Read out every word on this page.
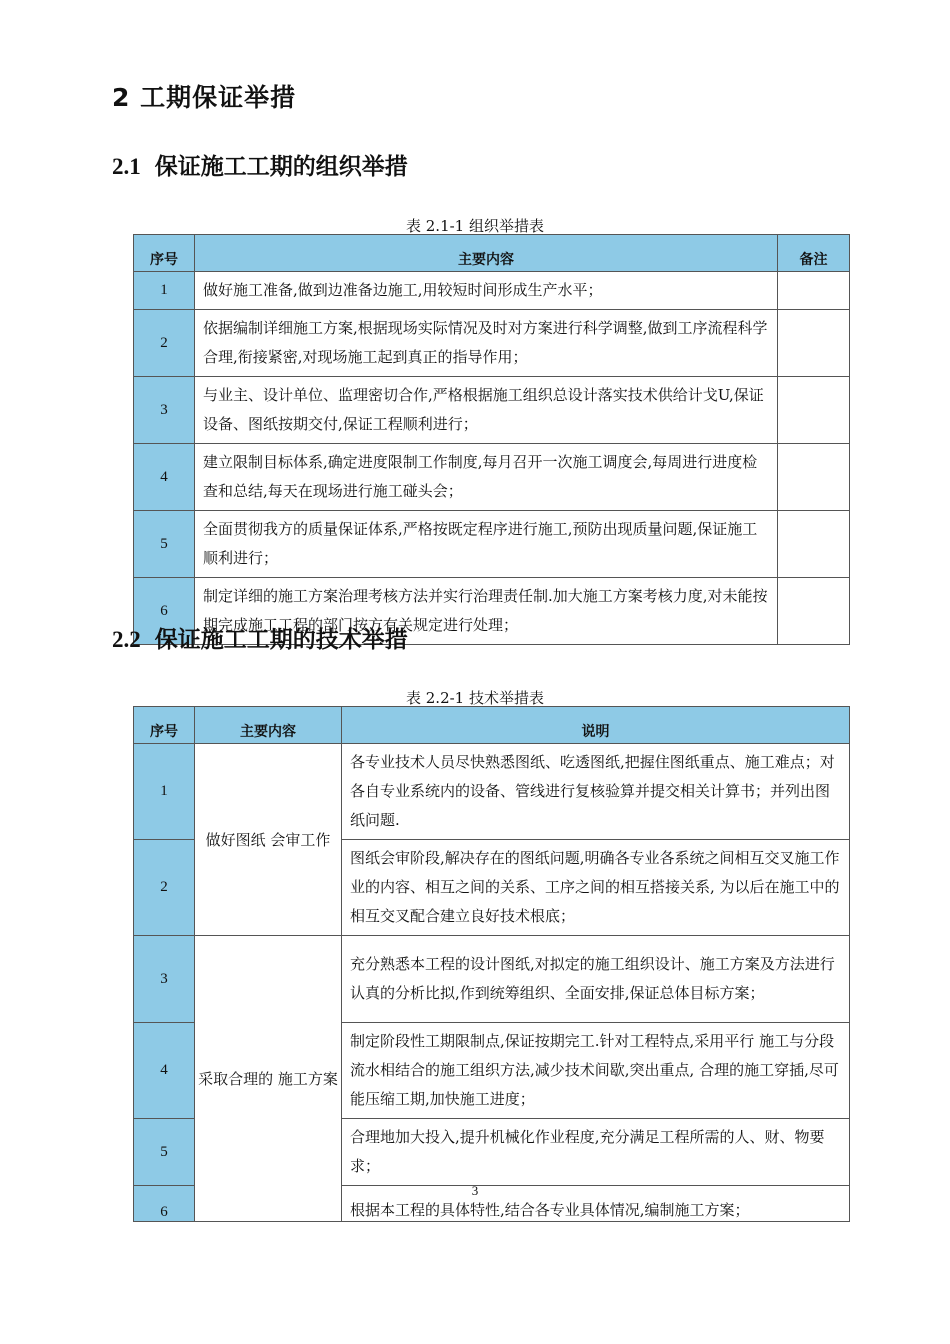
2 工期保证举措
2.1 保证施工工期的组织举措
表 2.1-1 组织举措表
序号	主要内容	备注
1	做好施工准备,做到边准备边施工,用较短时间形成生产水平；	
2	依据编制详细施工方案,根据现场实际情况及时对方案进行科学调整,做到工序流程科学合理,衔接紧密,对现场施工起到真正的指导作用；	
3	与业主、设计单位、监理密切合作,严格根据施工组织总设计落实技术供给计戈U,保证设备、图纸按期交付,保证工程顺利进行；	
4	建立限制目标体系,确定进度限制工作制度,每月召开一次施工调度会,每周进行进度检查和总结,每天在现场进行施工碰头会；	
5	全面贯彻我方的质量保证体系,严格按既定程序进行施工,预防出现质量问题,保证施工顺利进行；	
6	制定详细的施工方案治理考核方法并实行治理责任制.加大施工方案考核力度,对未能按期完成施工工程的部门按方有关规定进行处理；	
2.2 保证施工工期的技术举措
表 2.2-1 技术举措表
序号	主要内容	说明
1	做好图纸 会审工作	各专业技术人员尽快熟悉图纸、吃透图纸,把握住图纸重点、施工难点；对各自专业系统内的设备、管线进行复核验算并提交相关计算书；并列出图纸问题.
2		图纸会审阶段,解决存在的图纸问题,明确各专业各系统之间相互交叉施工作业的内容、相互之间的关系、工序之间的相互搭接关系, 为以后在施工中的相互交叉配合建立良好技术根底；
3	采取合理的 施工方案	充分熟悉本工程的设计图纸,对拟定的施工组织设计、施工方案及方法进行认真的分析比拟,作到统筹组织、全面安排,保证总体目标方案；
4		制定阶段性工期限制点,保证按期完工.针对工程特点,采用平行 施工与分段流水相结合的施工组织方法,减少技术间歇,突出重点, 合理的施工穿插,尽可能压缩工期,加快施工进度；
5		合理地加大投入,提升机械化作业程度,充分满足工程所需的人、财、物要求；
6		根据本工程的具体特性,结合各专业具体情况,编制施工方案；
3
